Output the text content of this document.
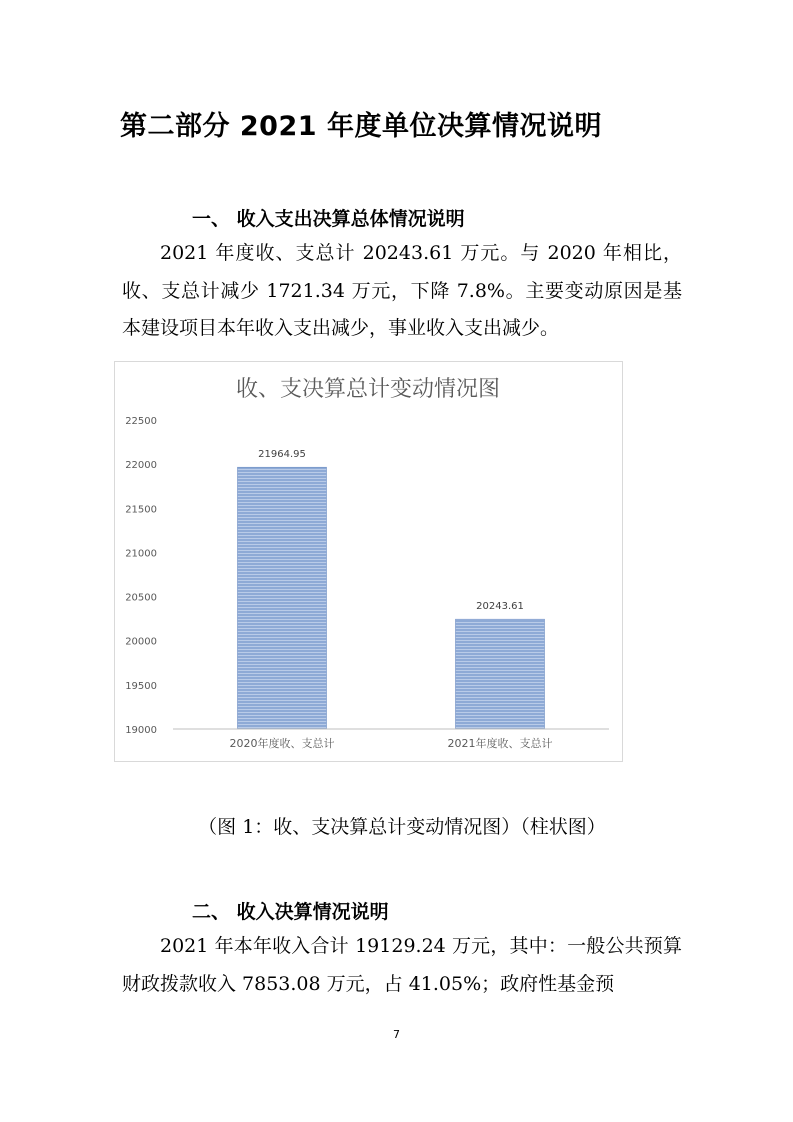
第二部分 2021 年度单位决算情况说明
一、 收入支出决算总体情况说明
2021 年度收、支总计 20243.61 万元。与 2020 年相比，收、支总计减少 1721.34 万元，下降 7.8%。主要变动原因是基本建设项目本年收入支出减少，事业收入支出减少。
收、支决算总计变动情况图
19000
19500
20000
20500
21000
21500
22000
22500
21964.95
2020年度收、支总计
20243.61
2021年度收、支总计
（图 1：收、支决算总计变动情况图）（柱状图）
二、 收入决算情况说明
2021 年本年收入合计 19129.24 万元，其中：一般公共预算财政拨款收入 7853.08 万元，占 41.05%；政府性基金预
7
